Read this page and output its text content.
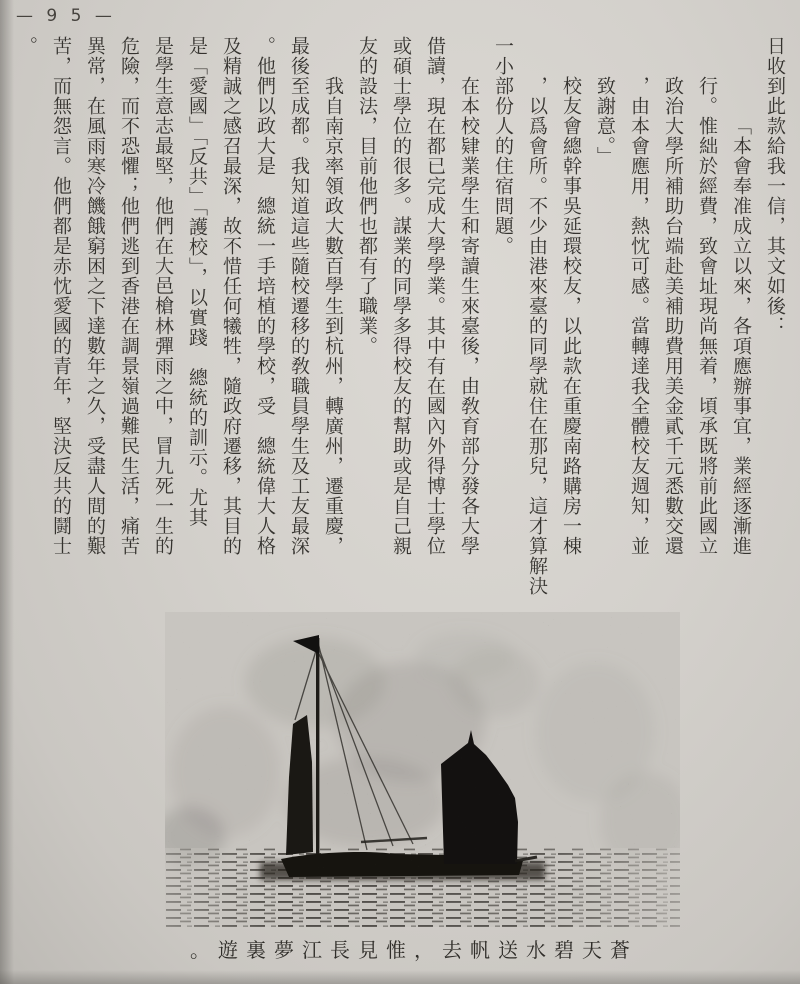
— 9 5 —
日收到此款給我一信，其文如後：
「本會奉准成立以來，各項應辦事宜，業經逐漸進
行。惟絀於經費，致會址現尚無着，頃承既將前此國立
政治大學所補助台端赴美補助費用美金貳千元悉數交還
，由本會應用，熱忱可感。當轉達我全體校友週知，並
致謝意。」
校友會總幹事吳延環校友，以此款在重慶南路購房一棟
，以爲會所。不少由港來臺的同學就住在那兒，這才算解決
一小部份人的住宿問題。
在本校肄業學生和寄讀生來臺後，由敎育部分發各大學
借讀，現在都已完成大學學業。其中有在國內外得博士學位
或碩士學位的很多。謀業的同學多得校友的幫助或是自己親
友的設法，目前他們也都有了職業。
我自南京率領政大數百學生到杭州，轉廣州，遷重慶，
最後至成都。我知道這些隨校遷移的敎職員學生及工友最深
。他們以政大是　總統一手培植的學校，受　總統偉大人格
及精誠之感召最深，故不惜任何犧牲，隨政府遷移，其目的
是「愛國」「反共」「護校」，以實踐　總統的訓示。尤其
是學生意志最堅，他們在大邑槍林彈雨之中，冒九死一生的
危險，而不恐懼；他們逃到香港在調景嶺過難民生活，痛苦
異常，在風雨寒冷饑餓窮困之下達數年之久，受盡人間的艱
苦，而無怨言。他們都是赤忱愛國的青年，堅決反共的鬪士
。
。遊裏夢江長見惟，去帆送水碧天蒼
